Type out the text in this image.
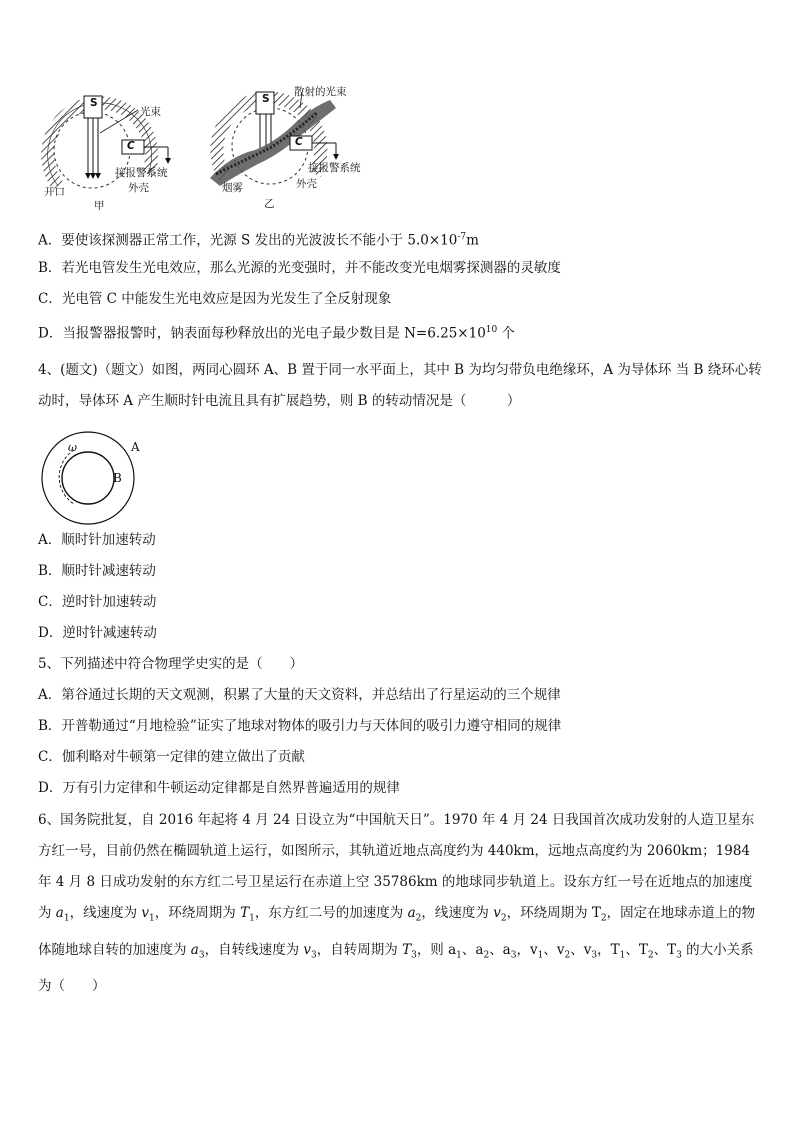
S
C
光束
接报警系统
外壳
开口
甲
S
C
散射的光束
接报警系统
外壳
烟雾
乙
A．要使该探测器正常工作，光源 S 发出的光波波长不能小于 $5.0\times 10^{-7}m$
B．若光电管发生光电效应，那么光源的光变强时，并不能改变光电烟雾探测器的灵敏度
C．光电管 C 中能发生光电效应是因为光发生了全反射现象
D．当报警器报警时，钠表面每秒释放出的光电子最少数目是 $N=6.25\times 10^{10}$ 个
4、(题文)（题文）如图，两同心圆环 A、B 置于同一水平面上，其中 B 为均匀带负电绝缘环，A 为导体环 当 B 绕环心转动时，导体环 A 产生顺时针电流且具有扩展趋势，则 B 的转动情况是（　　　）
A
B
ω
A．顺时针加速转动
B．顺时针减速转动
C．逆时针加速转动
D．逆时针减速转动
5、下列描述中符合物理学史实的是（　　）
A．第谷通过长期的天文观测，积累了大量的天文资料，并总结出了行星运动的三个规律
B．开普勒通过“月地检验”证实了地球对物体的吸引力与天体间的吸引力遵守相同的规律
C．伽利略对牛顿第一定律的建立做出了贡献
D．万有引力定律和牛顿运动定律都是自然界普遍适用的规律
6、国务院批复，自 2016 年起将 4 月 24 日设立为“中国航天日”。1970 年 4 月 24 日我国首次成功发射的人造卫星东方红一号，目前仍然在椭圆轨道上运行，如图所示，其轨道近地点高度约为 440km，远地点高度约为 2060km；1984 年 4 月 8 日成功发射的东方红二号卫星运行在赤道上空 35786km 的地球同步轨道上。设东方红一号在近地点的加速度为 $a_1$，线速度为 $v_1$，环绕周期为 $T_1$，东方红二号的加速度为 $a_2$，线速度为 $v_2$，环绕周期为 $T_2$，固定在地球赤道上的物体随地球自转的加速度为 $a_3$，自转线速度为 $v_3$，自转周期为 $T_3$，则 $a_1$、$a_2$、$a_3$，$v_1$、$v_2$、$v_3$，$T_1$、$T_2$、$T_3$ 的大小关系为（　　）
